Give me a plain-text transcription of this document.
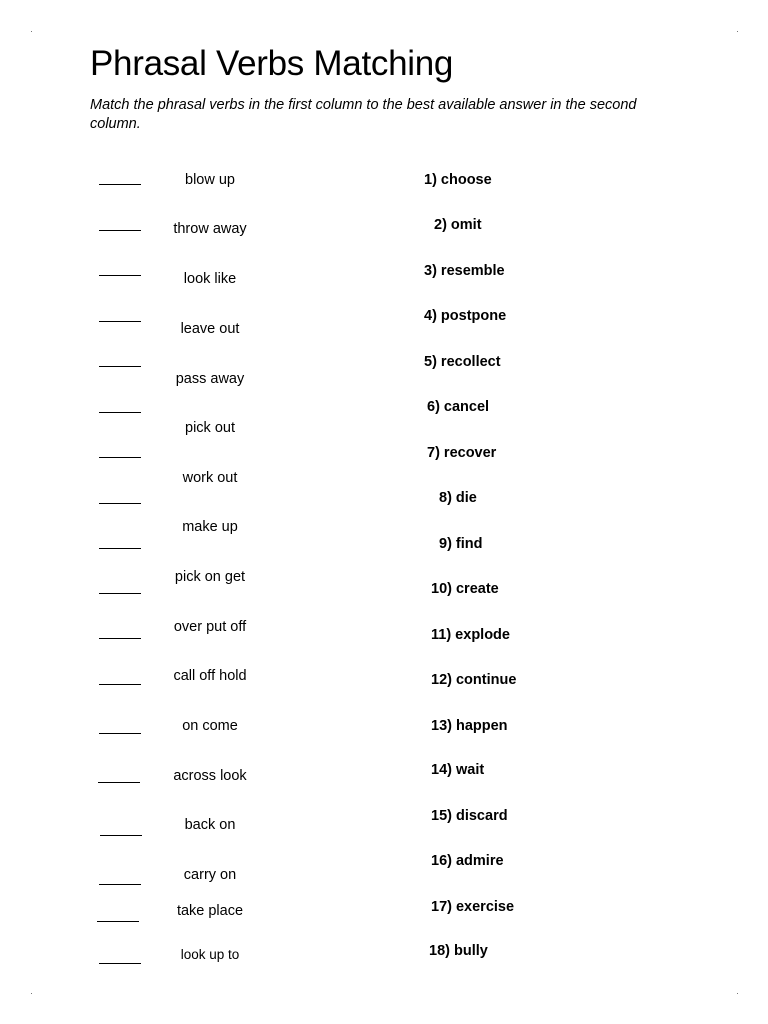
Phrasal Verbs Matching

Match the phrasal verbs in the first column to the best available answer in the second column.

blow up
throw away
look like
leave out
pass away
pick out
work out
make up
pick on get
over put off
call off hold
on come
across look
back on
carry on
take place
look up to
1) choose
2) omit
3) resemble
4) postpone
5) recollect
6) cancel
7) recover
8) die
9) find
10) create
11) explode
12) continue
13) happen
14) wait
15) discard
16) admire
17) exercise
18) bully
